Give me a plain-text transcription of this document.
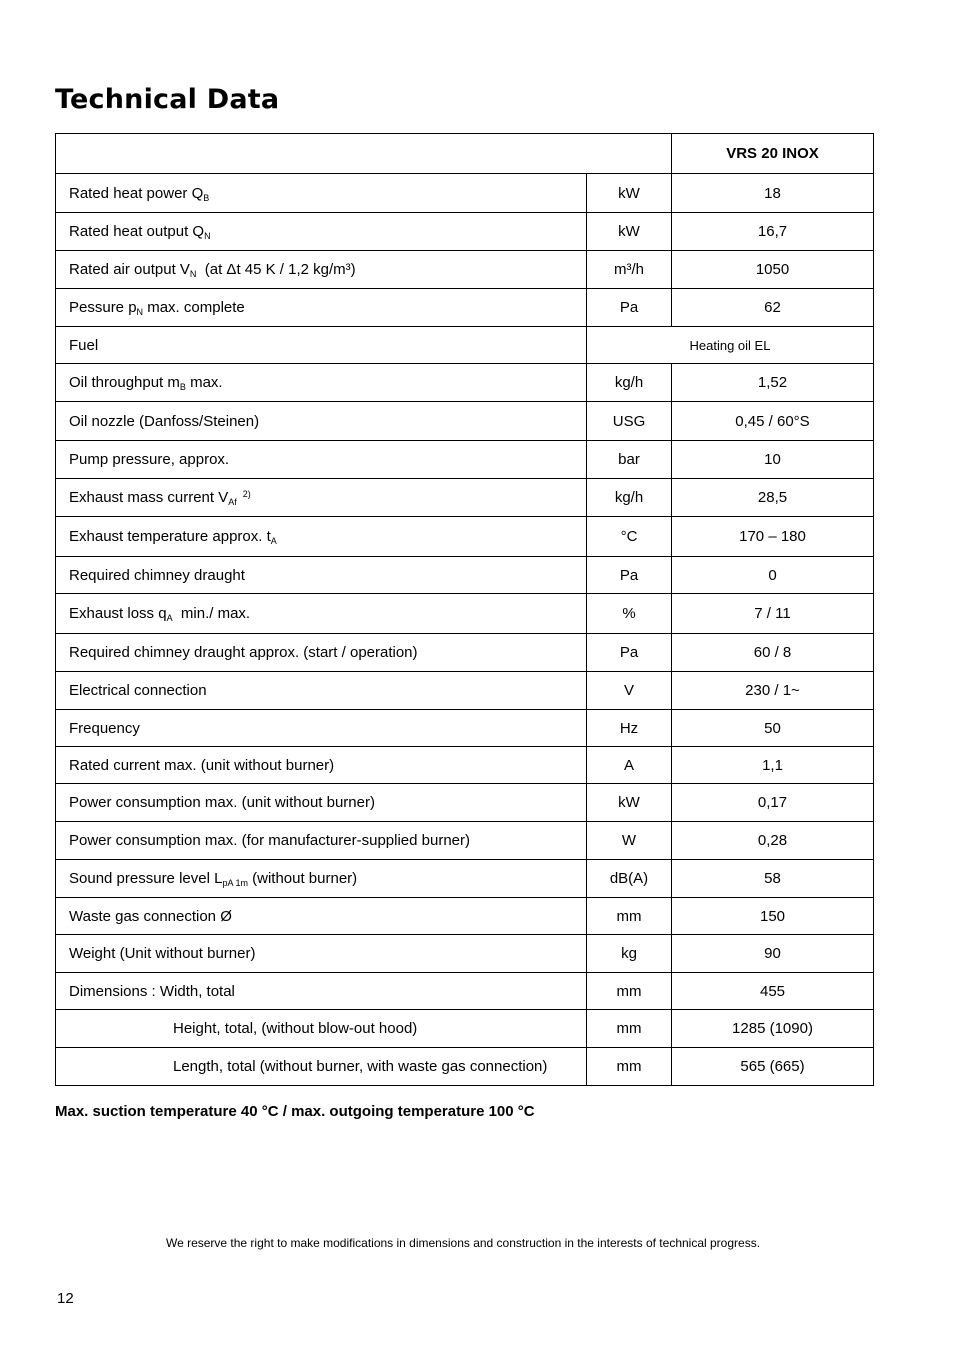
Technical Data
		VRS 20 INOX
Rated heat power $Q_B$	kW	18
Rated heat output $Q_N$	kW	16,7
Rated air output $V_N$  (at Δt 45 K / 1,2 kg/m³)	m³/h	1050
Pessure $p_N$ max. complete	Pa	62
Fuel	Heating oil EL	
Oil throughput $m_B$ max.	kg/h	1,52
Oil nozzle (Danfoss/Steinen)	USG	0,45 / 60°S
Pump pressure, approx.	bar	10
Exhaust mass current $V_{Af}^{2)}$	kg/h	28,5
Exhaust temperature approx. $t_A$	°C	170 – 180
Required chimney draught	Pa	0
Exhaust loss $q_A$  min./ max.	%	7 / 11
Required chimney draught approx. (start / operation)	Pa	60 / 8
Electrical connection	V	230 / 1~
Frequency	Hz	50
Rated current max. (unit without burner)	A	1,1
Power consumption max. (unit without burner)	kW	0,17
Power consumption max. (for manufacturer-supplied burner)	W	0,28
Sound pressure level $L_{pA 1m}$ (without burner)	dB(A)	58
Waste gas connection Ø	mm	150
Weight (Unit without burner)	kg	90
Dimensions : Width, total	mm	455
Height, total, (without blow-out hood)	mm	1285 (1090)
Length, total (without burner, with waste gas connection)	mm	565 (665)

Max. suction temperature 40 °C / max. outgoing temperature 100 °C

We reserve the right to make modifications in dimensions and construction in the interests of technical progress.

12
